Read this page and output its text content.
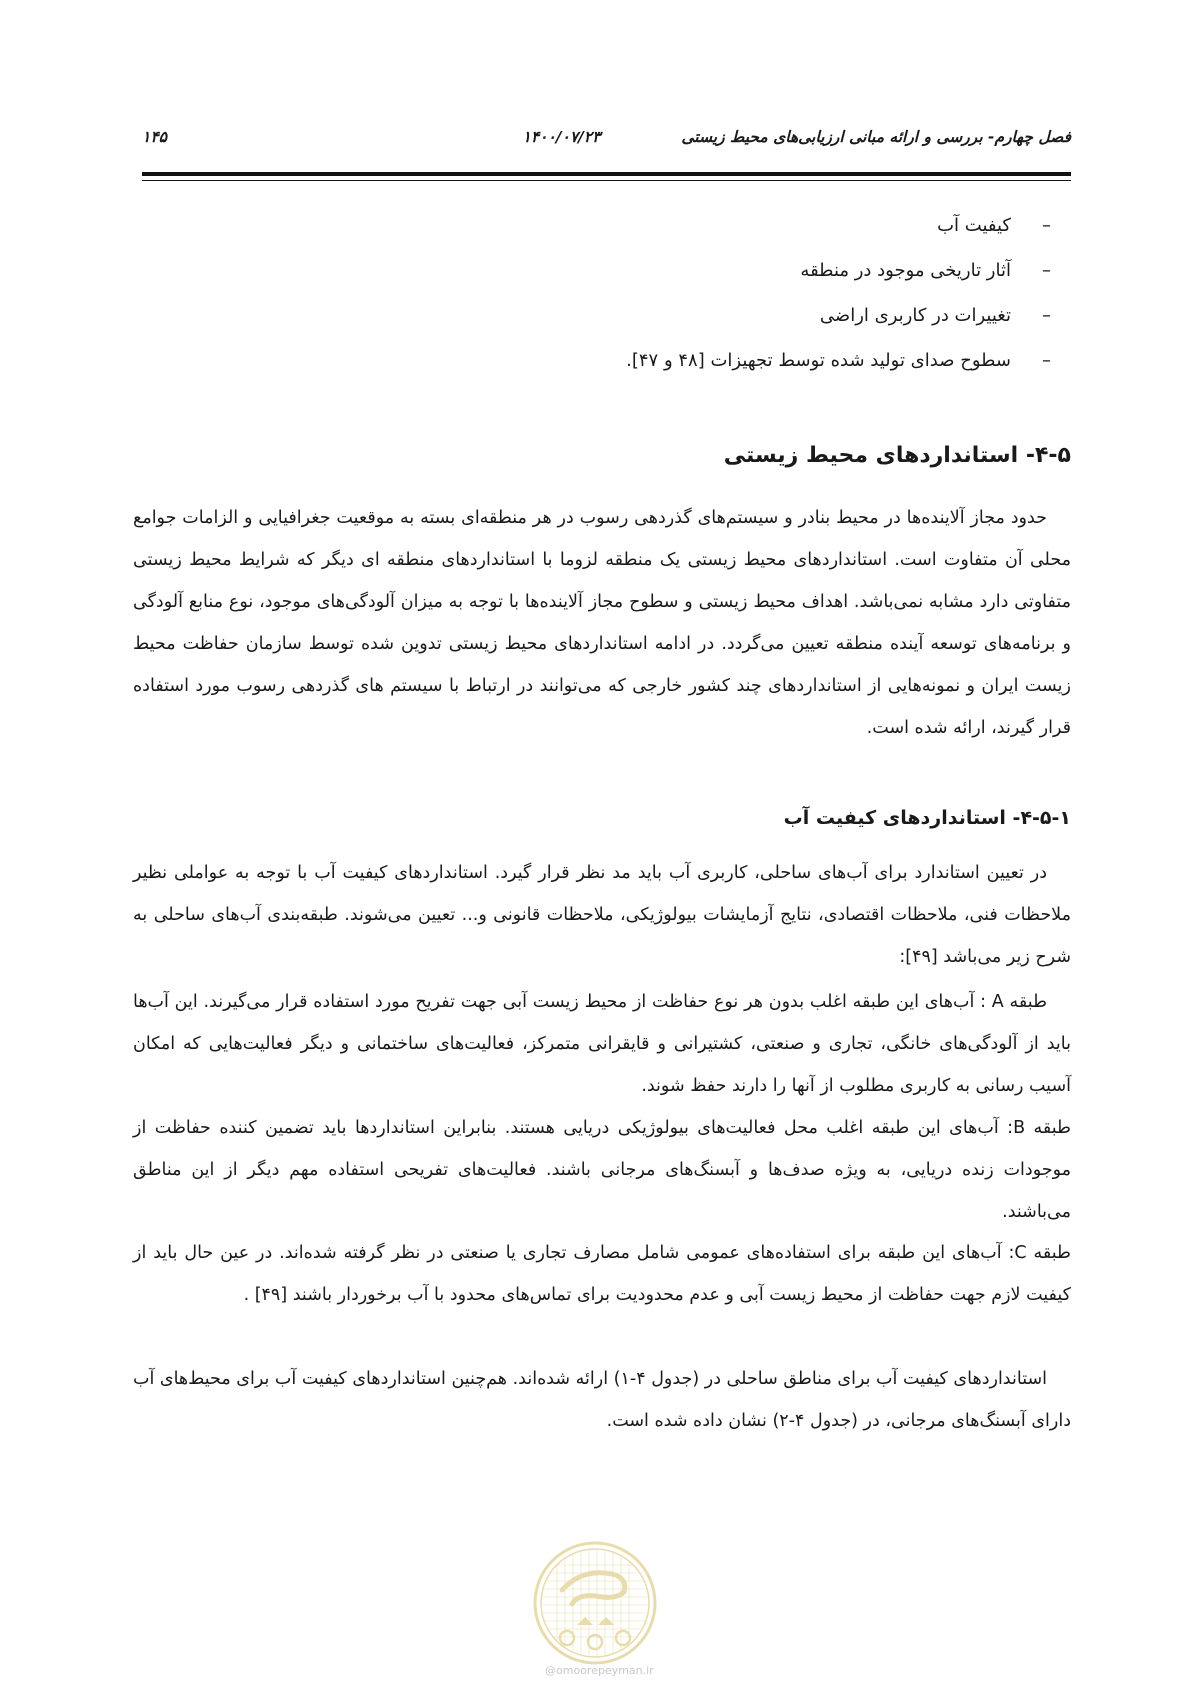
فصل چهارم- بررسی و ارائه مبانی ارزیابی‌های محیط زیستی
۱۴۰۰/۰۷/۲۳
۱۴۵
–
کیفیت آب
–
آثار تاریخی موجود در منطقه
–
تغییرات در کاربری اراضی
–
سطوح صدای تولید شده توسط تجهیزات [۴۸ و ۴۷].
۴-۵- استانداردهای محیط زیستی

حدود مجاز آلاینده‌ها در محیط بنادر و سیستم‌های گذردهی رسوب در هر منطقه‌ای بسته به موقعیت جغرافیایی و الزامات جوامع محلی آن متفاوت است. استانداردهای محیط زیستی یک منطقه لزوما با استانداردهای منطقه ای دیگر که شرایط محیط زیستی متفاوتی دارد مشابه نمی‌باشد. اهداف محیط زیستی و سطوح مجاز آلاینده‌ها با توجه به میزان آلودگی‌های موجود، نوع منابع آلودگی و برنامه‌های توسعه آینده منطقه تعیین می‌گردد. در ادامه استانداردهای محیط زیستی تدوین شده توسط سازمان حفاظت محیط زیست ایران و نمونه‌هایی از استانداردهای چند کشور خارجی که می‌توانند در ارتباط با سیستم های گذردهی رسوب مورد استفاده قرار گیرند، ارائه شده است.

۴-۵-۱- استانداردهای کیفیت آب

در تعیین استاندارد برای آب‌های ساحلی، کاربری آب باید مد نظر قرار گیرد. استانداردهای کیفیت آب با توجه به عواملی نظیر ملاحظات فنی، ملاحظات اقتصادی، نتایج آزمایشات بیولوژیکی، ملاحظات قانونی و... تعیین می‌شوند. طبقه‌بندی آب‌های ساحلی به شرح زیر می‌باشد [۴۹]:

طبقه A : آب‌های این طبقه اغلب بدون هر نوع حفاظت از محیط زیست آبی جهت تفریح مورد استفاده قرار می‌گیرند. این آب‌ها باید از آلودگی‌های خانگی، تجاری و صنعتی، کشتیرانی و قایقرانی متمرکز، فعالیت‌های ساختمانی و دیگر فعالیت‌هایی که امکان آسیب رسانی به کاربری مطلوب از آنها را دارند حفظ شوند.

طبقه B: آب‌های این طبقه اغلب محل فعالیت‌های بیولوژیکی دریایی هستند. بنابراین استانداردها باید تضمین کننده حفاظت از موجودات زنده دریایی، به ویژه صدف‌ها و آبسنگ‌های مرجانی باشند. فعالیت‌های تفریحی استفاده مهم دیگر از این مناطق می‌باشند.

طبقه C: آب‌های این طبقه برای استفاده‌های عمومی شامل مصارف تجاری یا صنعتی در نظر گرفته شده‌اند. در عین حال باید از کیفیت لازم جهت حفاظت از محیط زیست آبی و عدم محدودیت برای تماس‌های محدود با آب برخوردار باشند [۴۹] .

استانداردهای کیفیت آب برای مناطق ساحلی در (جدول ۴-۱) ارائه شده‌اند. هم‌چنین استانداردهای کیفیت آب برای محیط‌های آب دارای آبسنگ‌های مرجانی، در (جدول ۴-۲) نشان داده شده است.

@omoorepeyman.ir
